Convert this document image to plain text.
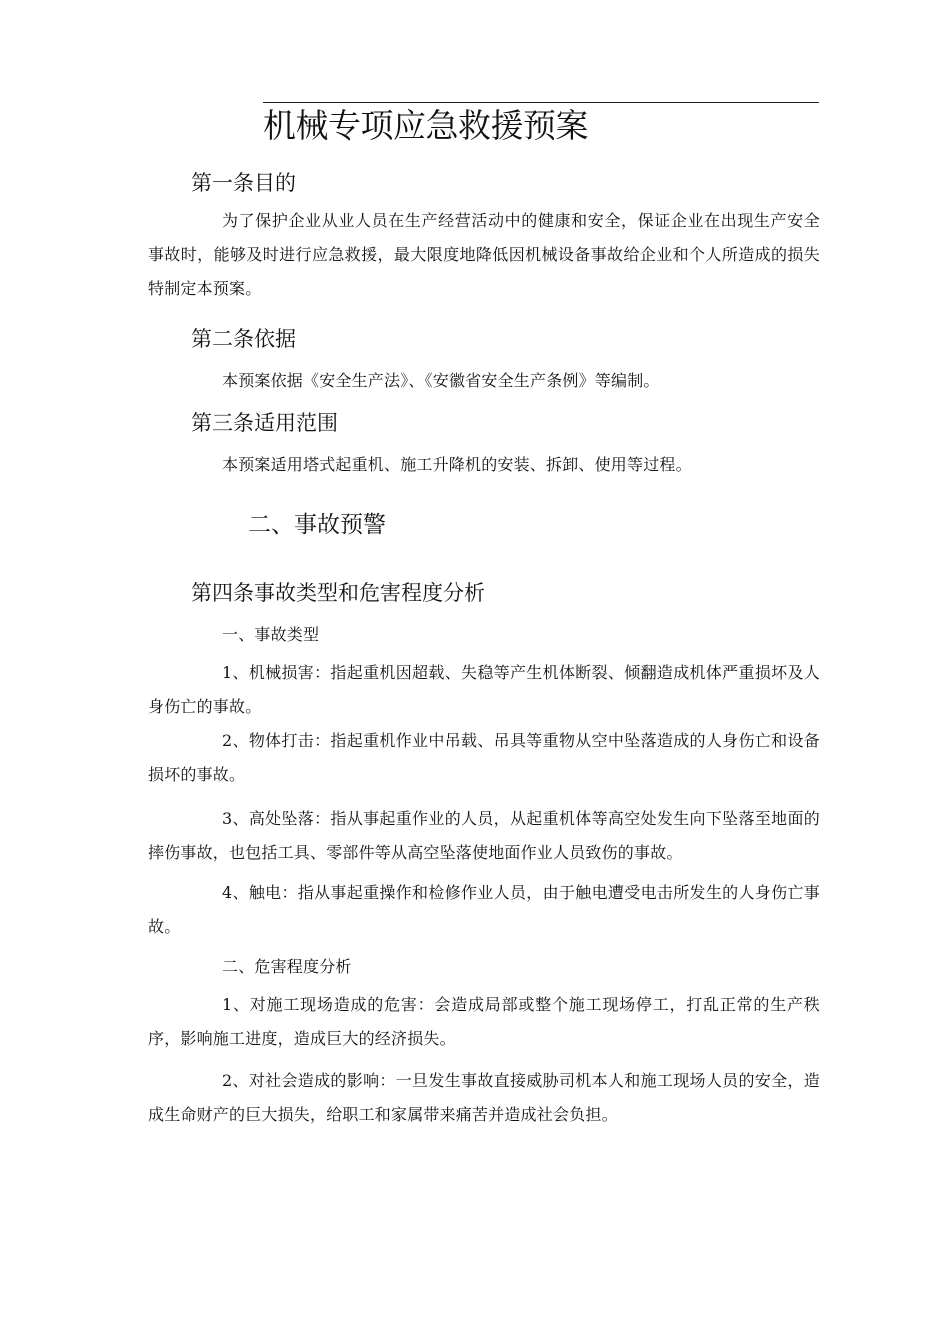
机械专项应急救援预案
第一条目的
为了保护企业从业人员在生产经营活动中的健康和安全，保证企业在出现生产安全事故时，能够及时进行应急救援，最大限度地降低因机械设备事故给企业和个人所造成的损失特制定本预案。
第二条依据
本预案依据《安全生产法》、《安徽省安全生产条例》等编制。
第三条适用范围
本预案适用塔式起重机、施工升降机的安装、拆卸、使用等过程。
二、事故预警
第四条事故类型和危害程度分析
一、事故类型
1、机械损害：指起重机因超载、失稳等产生机体断裂、倾翻造成机体严重损坏及人身伤亡的事故。
2、物体打击：指起重机作业中吊载、吊具等重物从空中坠落造成的人身伤亡和设备损坏的事故。
3、高处坠落：指从事起重作业的人员，从起重机体等高空处发生向下坠落至地面的摔伤事故，也包括工具、零部件等从高空坠落使地面作业人员致伤的事故。
4、触电：指从事起重操作和检修作业人员，由于触电遭受电击所发生的人身伤亡事故。
二、危害程度分析
1、对施工现场造成的危害：会造成局部或整个施工现场停工，打乱正常的生产秩序，影响施工进度，造成巨大的经济损失。
2、对社会造成的影响：一旦发生事故直接威胁司机本人和施工现场人员的安全，造成生命财产的巨大损失，给职工和家属带来痛苦并造成社会负担。
